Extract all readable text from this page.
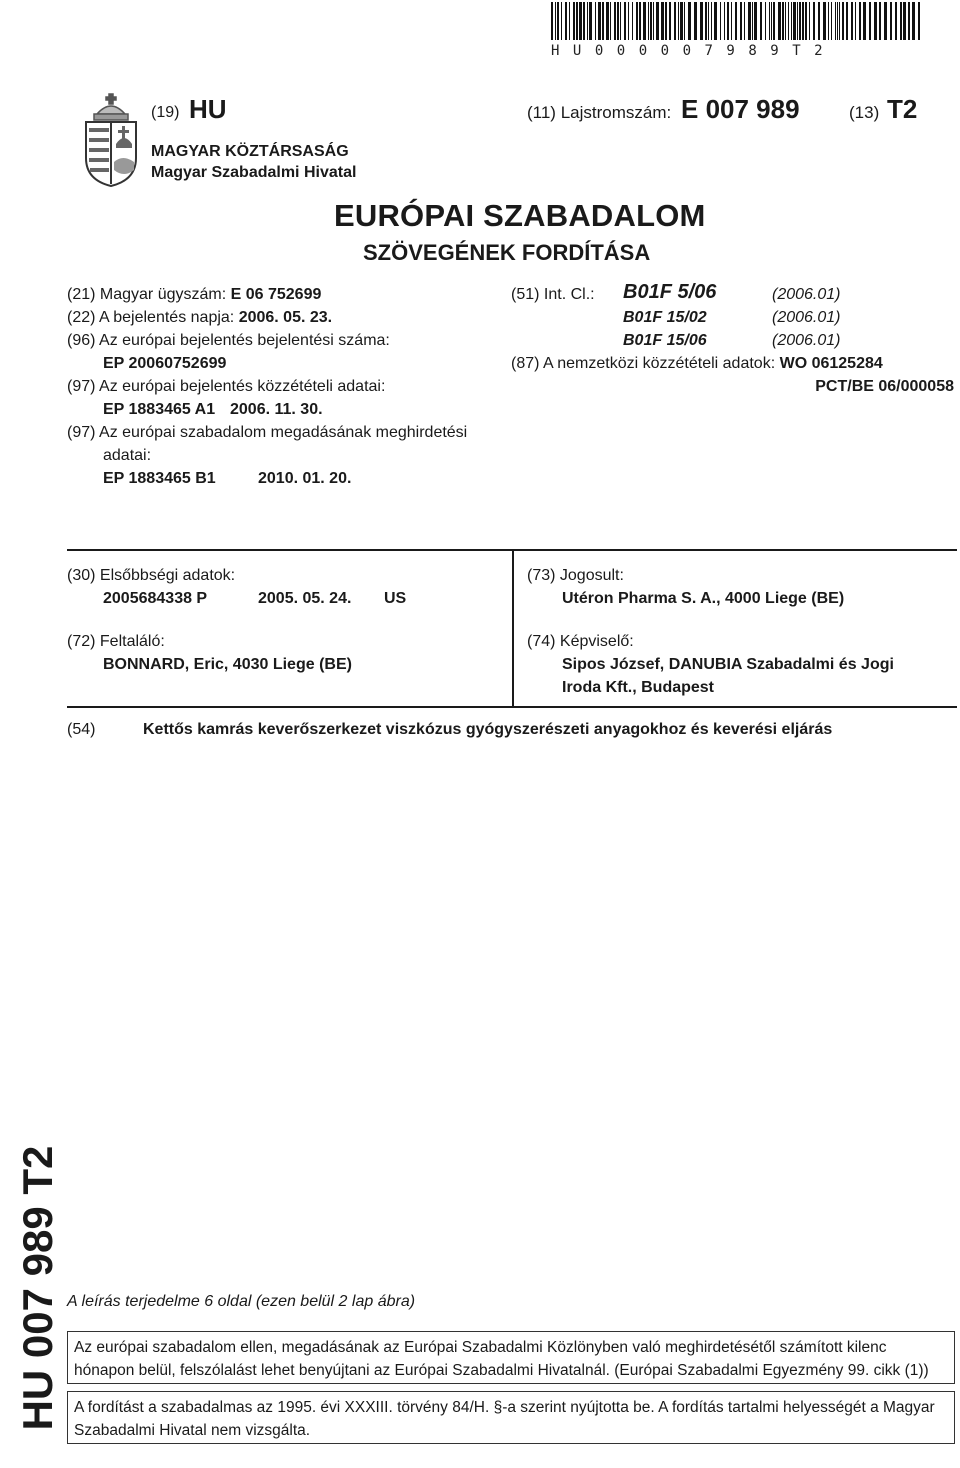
HU000007989T2
(19) HU
MAGYAR KÖZTÁRSASÁG
Magyar Szabadalmi Hivatal
(11) Lajstromszám: E 007 989	(13) T2
EURÓPAI SZABADALOM
SZÖVEGÉNEK FORDÍTÁSA
(21) Magyar ügyszám: E 06 752699
(22) A bejelentés napja: 2006. 05. 23.
(96) Az európai bejelentés bejelentési száma:
EP 20060752699
(97) Az európai bejelentés közzétételi adatai:
EP 1883465 A1 2006. 11. 30.
(97) Az európai szabadalom megadásának meghirdetési
adatai:
EP 1883465 B1	2010. 01. 20.
(51) Int. Cl.: B01F 5/06	(2006.01)
B01F 15/02	(2006.01)
B01F 15/06	(2006.01)
(87) A nemzetközi közzétételi adatok: WO 06125284
PCT/BE 06/000058
(30) Elsőbbségi adatok:
2005684338 P	2005. 05. 24. US
(72) Feltaláló:
BONNARD, Eric, 4030 Liege (BE)
(73) Jogosult:
Utéron Pharma S. A., 4000 Liege (BE)
(74) Képviselő:
Sipos József, DANUBIA Szabadalmi és Jogi
Iroda Kft., Budapest
(54)	Kettős kamrás keverőszerkezet viszkózus gyógyszerészeti anyagokhoz és keverési eljárás
HU 007 989 T2 A leírás terjedelme 6 oldal (ezen belül 2 lap ábra)
Az európai szabadalom ellen, megadásának az Európai Szabadalmi Közlönyben való meghirdetésétől számított kilenc hónapon belül, felszólalást lehet benyújtani az Európai Szabadalmi Hivatalnál. (Európai Szabadalmi Egyezmény 99. cikk (1))
A fordítást a szabadalmas az 1995. évi XXXIII. törvény 84/H. §-a szerint nyújtotta be. A fordítás tartalmi helyességét a Magyar Szabadalmi Hivatal nem vizsgálta.
